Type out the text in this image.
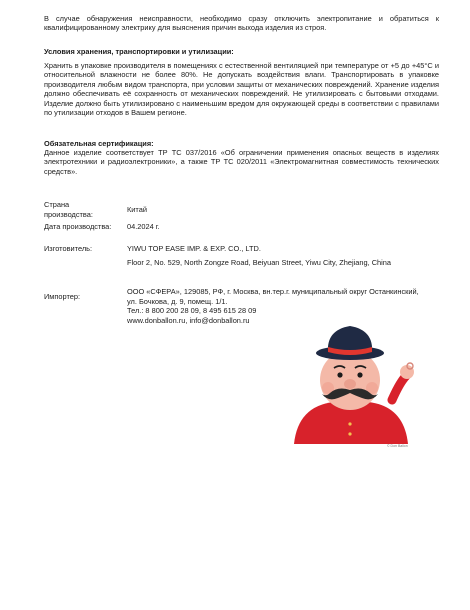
В случае обнаружения неисправности, необходимо сразу отключить электропитание и обратиться к квалифицированному электрику для выяснения причин выхода изделия из строя.

Условия хранения, транспортировки и утилизации:

Хранить в упаковке производителя в помещениях с естественной вентиляцией при температуре от +5 до +45°С и относительной влажности не более 80%. Не допускать воздействия влаги. Транспортировать в упаковке производителя любым видом транспорта, при условии защиты от механических повреждений. Хранение изделия должно обеспечивать её сохранность от механических повреждений. Не утилизировать с бытовыми отходами. Изделие должно быть утилизировано с наименьшим вредом для окружающей среды в соответствии с правилами по утилизации отходов в Вашем регионе.

Обязательная сертификация:

Данное изделие соответствует ТР ТС 037/2016 «Об ограничении применения опасных веществ в изделиях электротехники и радиоэлектроники», а также ТР ТС 020/2011 «Электромагнитная совместимость технических средств».

Страна
производства:
Китай
Дата производства: 04.2024 г.
Изготовитель:	YIWU TOP EASE IMP. & EXP. CO., LTD.
Floor 2, No. 529, North Zongze Road, Beiyuan Street, Yiwu City, Zhejiang, China
Импортер:
ООО «СФЕРА», 129085, РФ, г. Москва, вн.тер.г. муниципальный округ Останкинский,
ул. Бочкова, д. 9, помещ. 1/1.
Тел.: 8 800 200 28 09, 8 495 615 28 09
www.donballon.ru, info@donballon.ru
© Don Ballon
